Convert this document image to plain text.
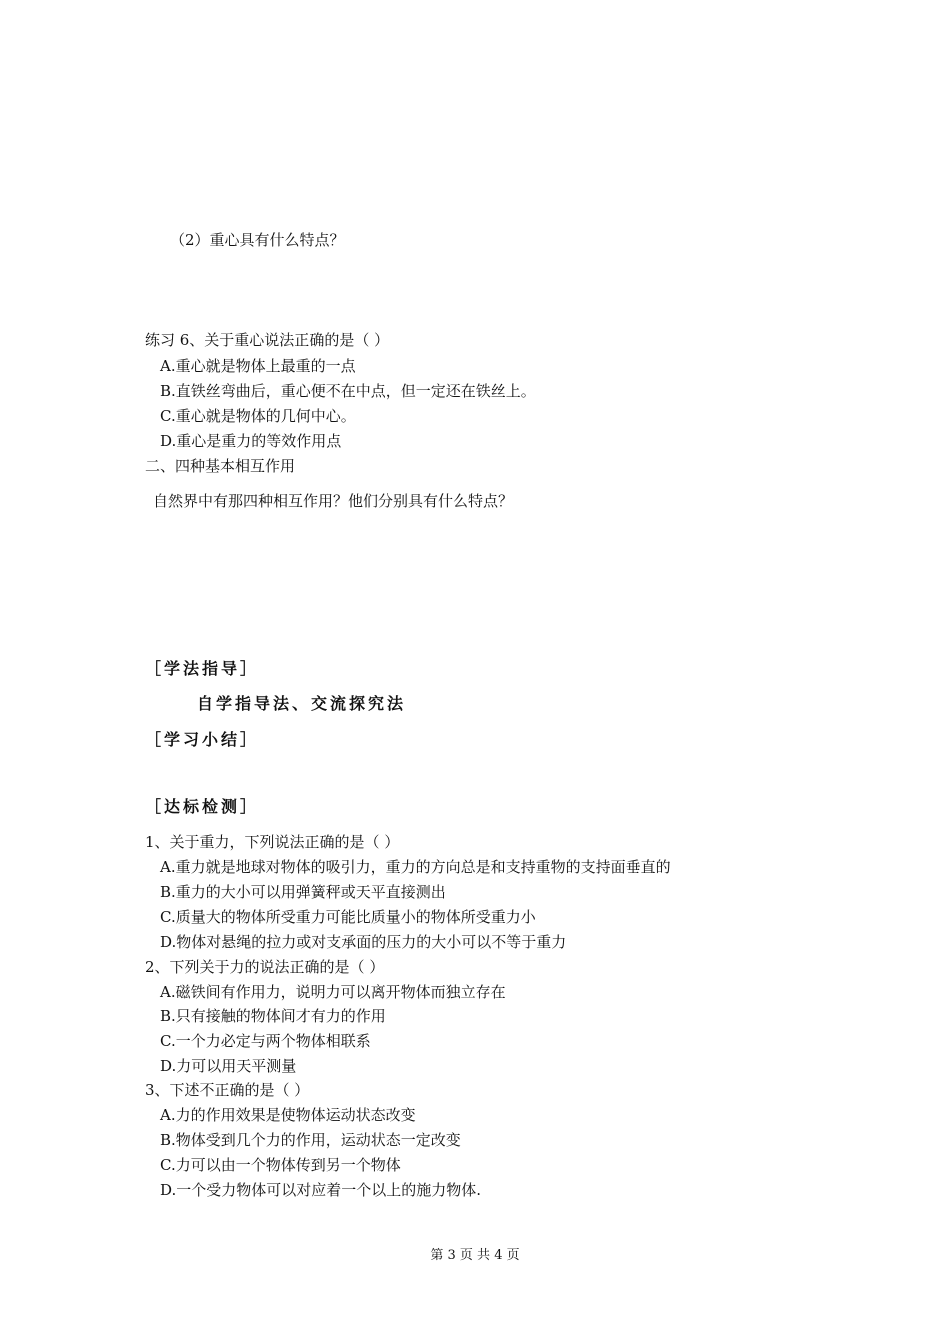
（2）重心具有什么特点？
练习 6、关于重心说法正确的是（ ）
A.重心就是物体上最重的一点
B.直铁丝弯曲后，重心便不在中点，但一定还在铁丝上。
C.重心就是物体的几何中心。
D.重心是重力的等效作用点
二、四种基本相互作用
自然界中有那四种相互作用？他们分别具有什么特点？
［学法指导］
自学指导法、交流探究法
［学习小结］
［达标检测］
1、关于重力，下列说法正确的是（ ）
A.重力就是地球对物体的吸引力，重力的方向总是和支持重物的支持面垂直的
B.重力的大小可以用弹簧秤或天平直接测出
C.质量大的物体所受重力可能比质量小的物体所受重力小
D.物体对悬绳的拉力或对支承面的压力的大小可以不等于重力
2、下列关于力的说法正确的是（ ）
A.磁铁间有作用力，说明力可以离开物体而独立存在
B.只有接触的物体间才有力的作用
C.一个力必定与两个物体相联系
D.力可以用天平测量
3、下述不正确的是（ ）
A.力的作用效果是使物体运动状态改变
B.物体受到几个力的作用，运动状态一定改变
C.力可以由一个物体传到另一个物体
D.一个受力物体可以对应着一个以上的施力物体.
第 3 页 共 4 页
